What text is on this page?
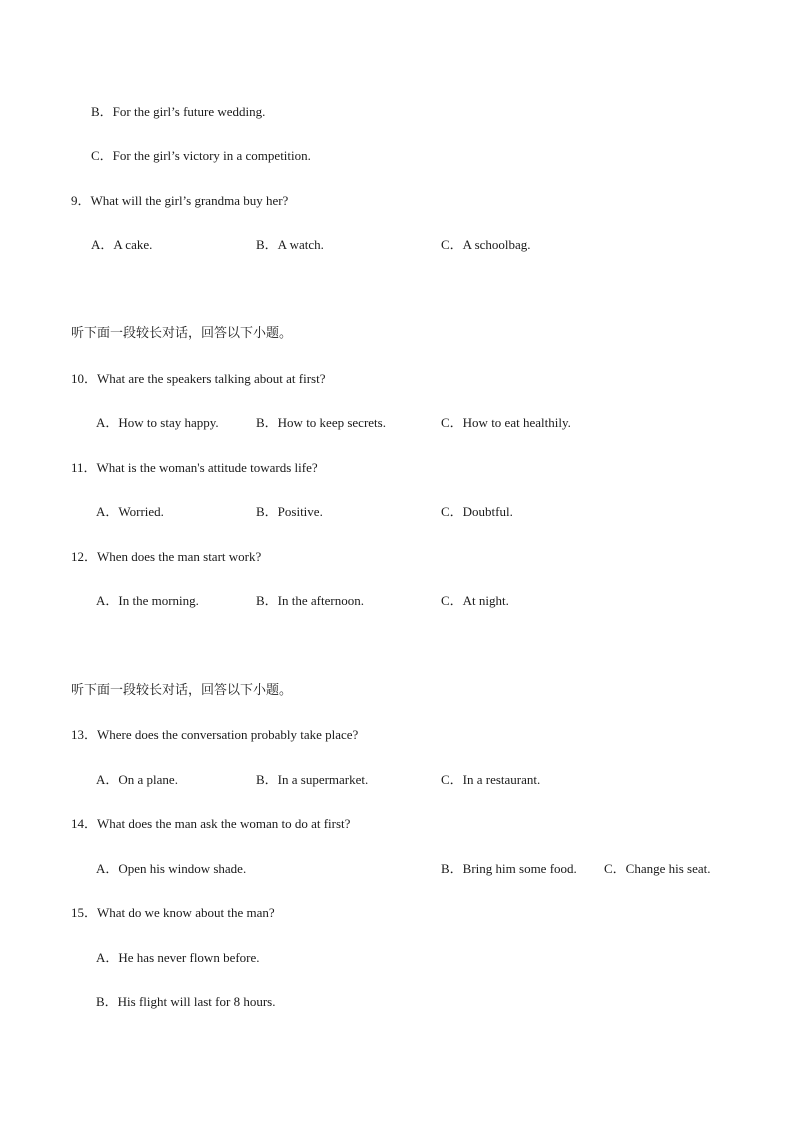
B．For the girl’s future wedding.
C．For the girl’s victory in a competition.
9．What will the girl’s grandma buy her?
A．A cake.	B．A watch.	C．A schoolbag.
听下面一段较长对话，回答以下小题。
10．What are the speakers talking about at first?
A．How to stay happy.	B．How to keep secrets.	C．How to eat healthily.
11．What is the woman's attitude towards life?
A．Worried.	B．Positive.	C．Doubtful.
12．When does the man start work?
A．In the morning.	B．In the afternoon.	C．At night.
听下面一段较长对话，回答以下小题。
13．Where does the conversation probably take place?
A．On a plane.	B．In a supermarket.	C．In a restaurant.
14．What does the man ask the woman to do at first?
A．Open his window shade.	B．Bring him some food. C．Change his seat.
15．What do we know about the man?
A．He has never flown before.
B．His flight will last for 8 hours.
